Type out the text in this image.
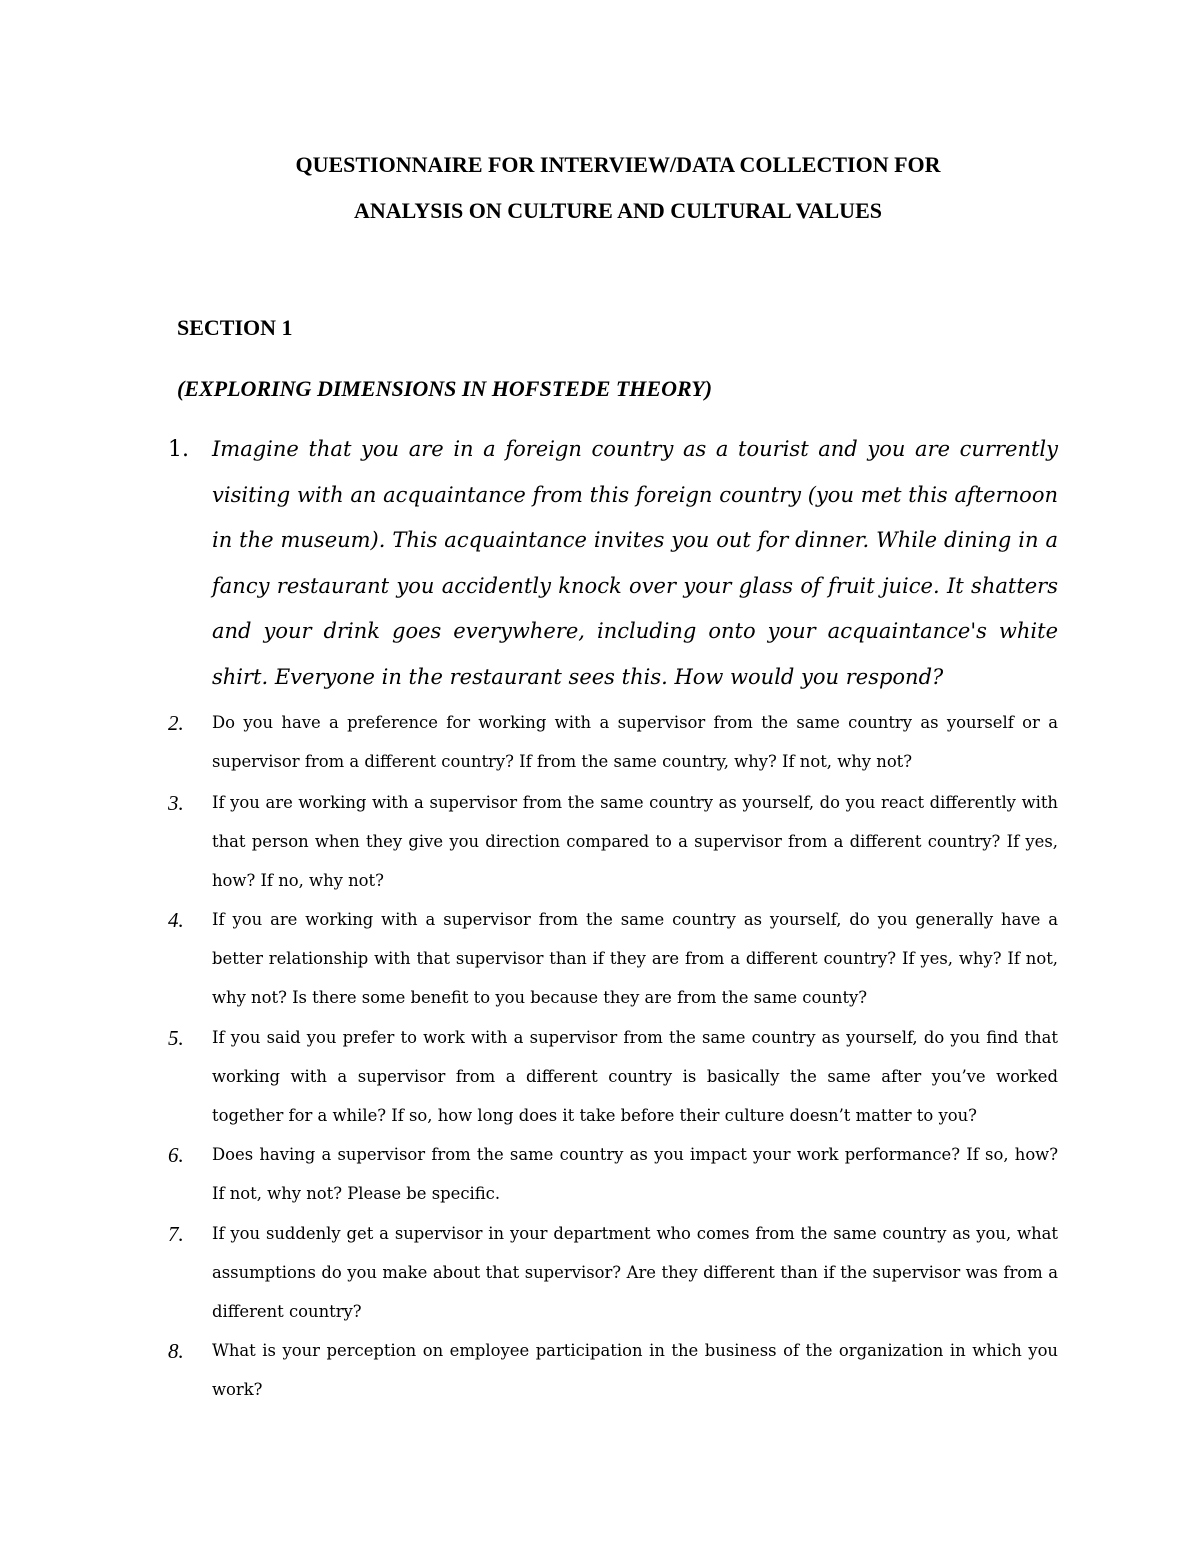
QUESTIONNAIRE FOR INTERVIEW/DATA COLLECTION FOR
ANALYSIS ON CULTURE AND CULTURAL VALUES
SECTION 1
(EXPLORING DIMENSIONS IN HOFSTEDE THEORY)
1.	Imagine that you are in a foreign country as a tourist and you are currently visiting with an acquaintance from this foreign country (you met this afternoon in the museum). This acquaintance invites you out for dinner. While dining in a fancy restaurant you accidently knock over your glass of fruit juice. It shatters and your drink goes everywhere, including onto your acquaintance's white shirt. Everyone in the restaurant sees this. How would you respond?
2.	Do you have a preference for working with a supervisor from the same country as yourself or a supervisor from a different country? If from the same country, why? If not, why not?
3.	If you are working with a supervisor from the same country as yourself, do you react differently with that person when they give you direction compared to a supervisor from a different country? If yes, how? If no, why not?
4.	If you are working with a supervisor from the same country as yourself, do you generally have a better relationship with that supervisor than if they are from a different country? If yes, why? If not, why not? Is there some benefit to you because they are from the same county?
5.	If you said you prefer to work with a supervisor from the same country as yourself, do you find that working with a supervisor from a different country is basically the same after you’ve worked together for a while? If so, how long does it take before their culture doesn’t matter to you?
6.	Does having a supervisor from the same country as you impact your work performance? If so, how? If not, why not? Please be specific.
7.	If you suddenly get a supervisor in your department who comes from the same country as you, what assumptions do you make about that supervisor? Are they different than if the supervisor was from a different country?
8.	What is your perception on employee participation in the business of the organization in which you work?
